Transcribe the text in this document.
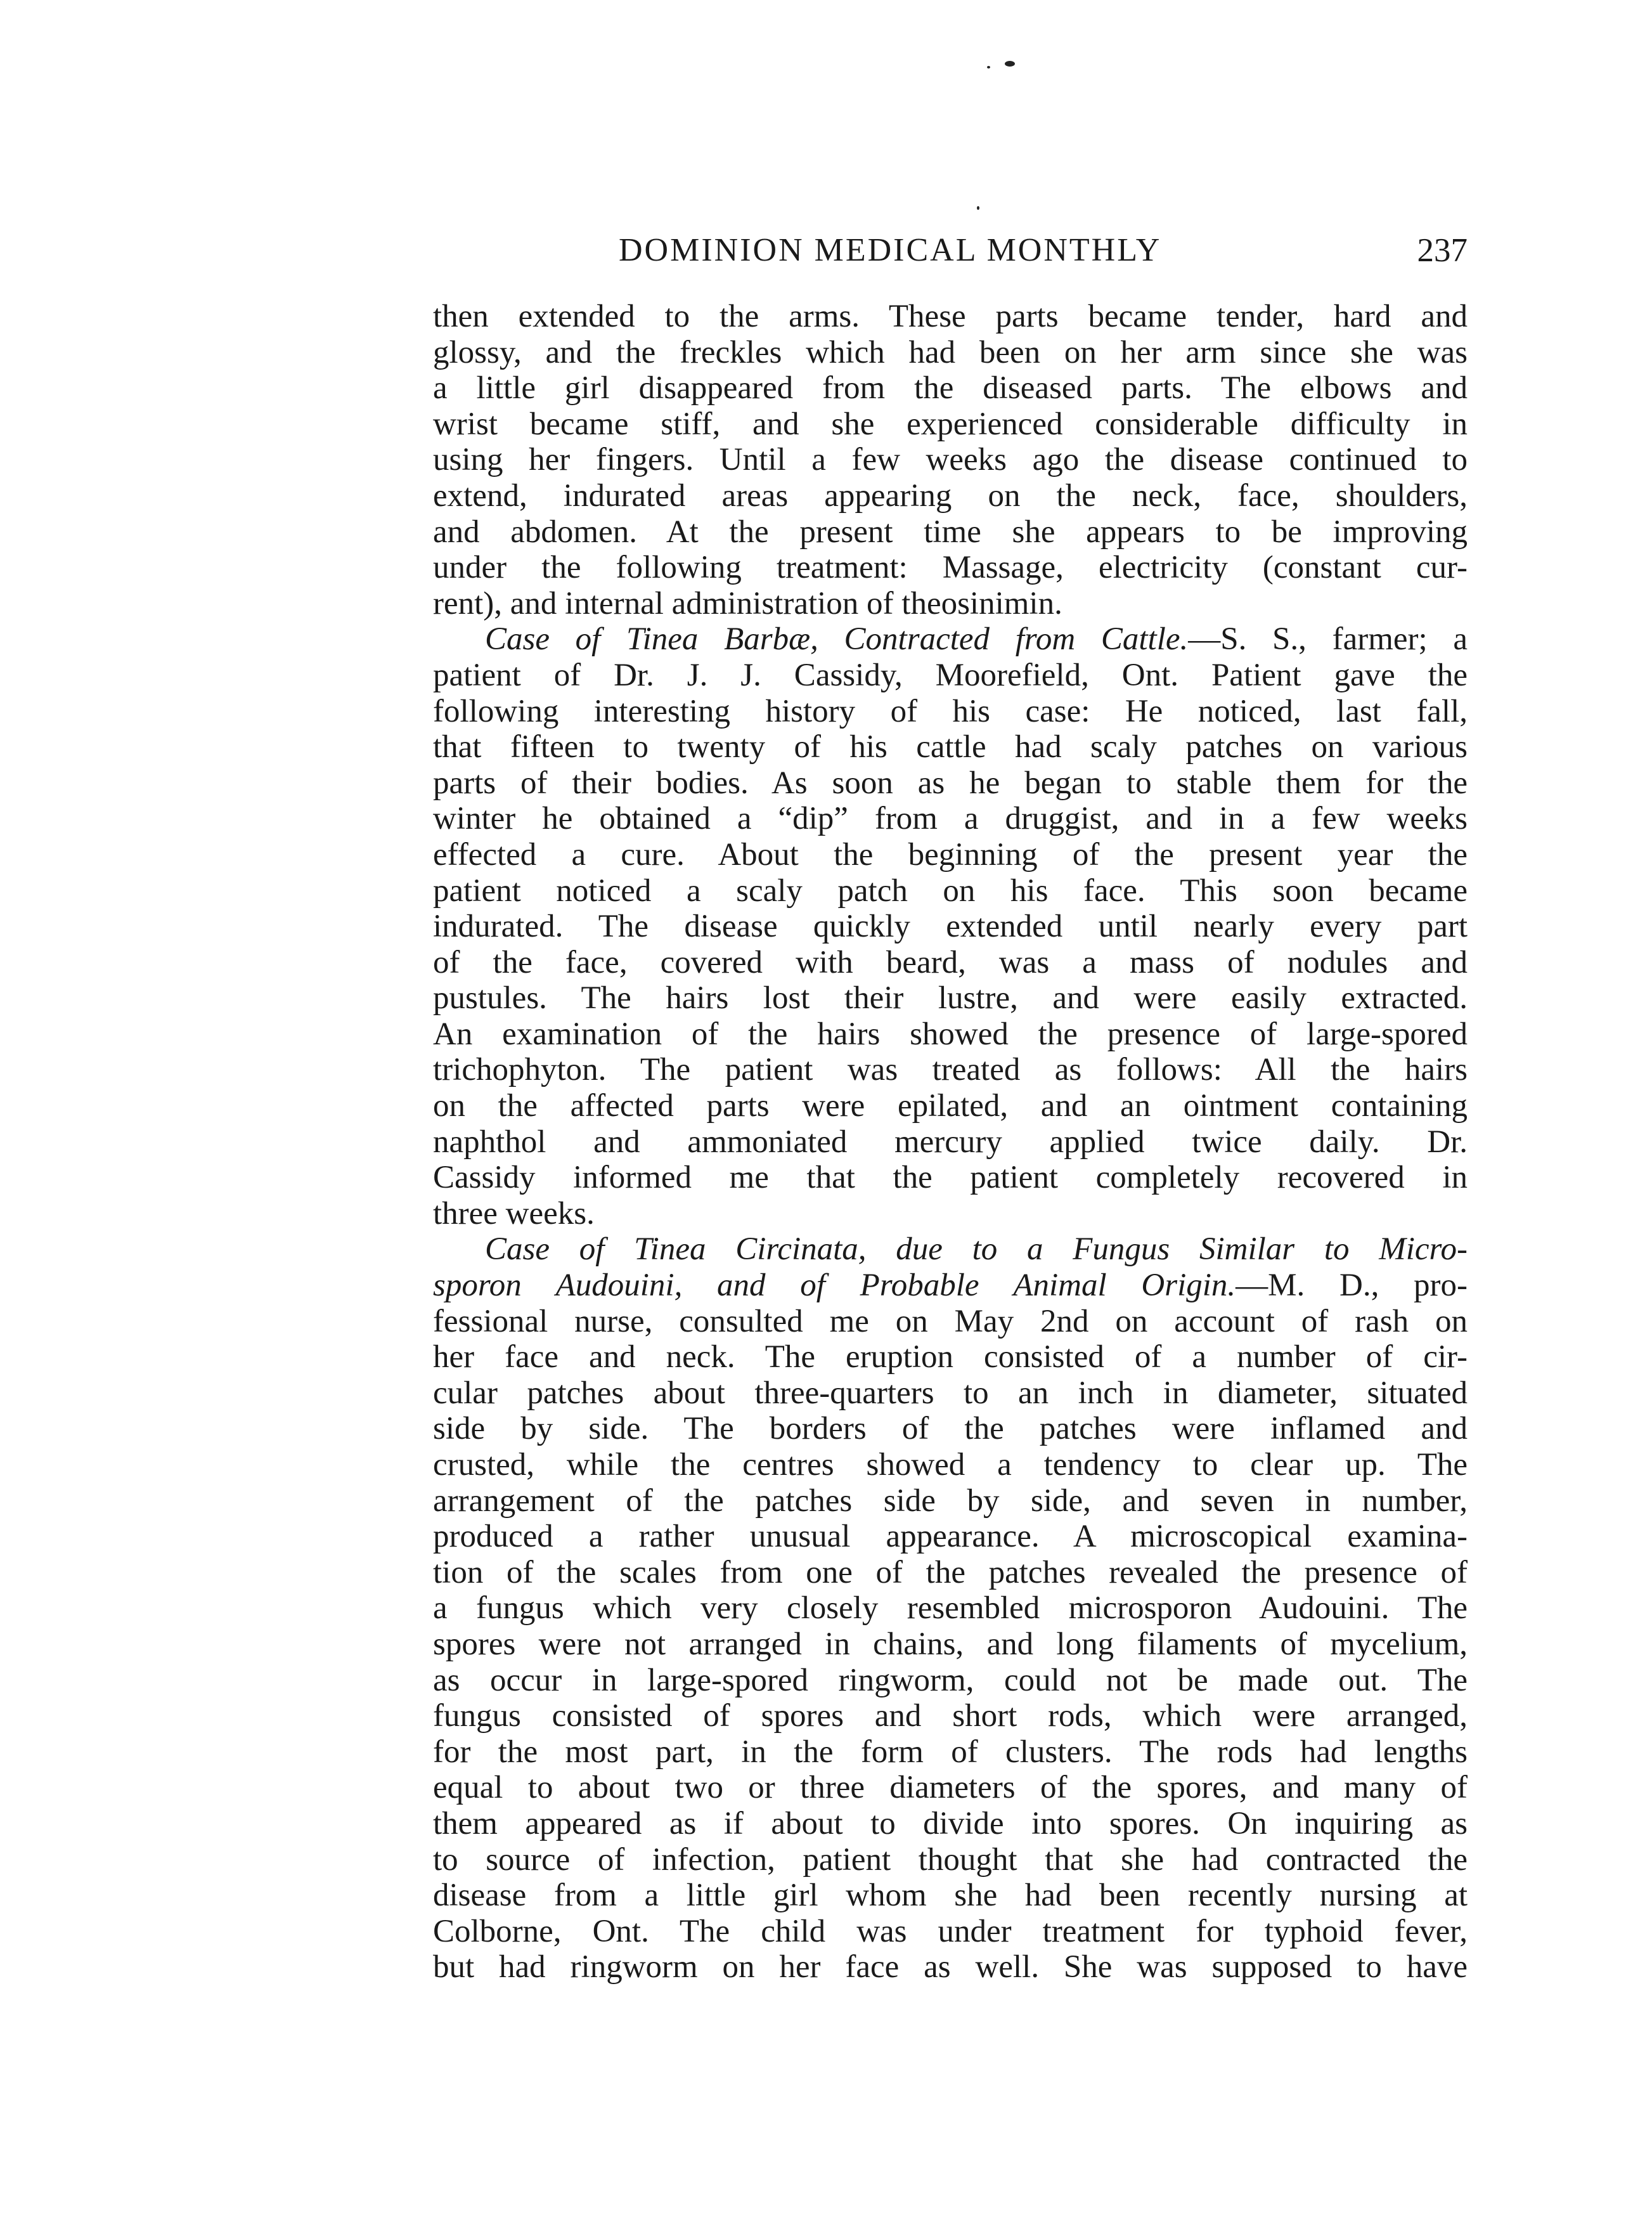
DOMINION MEDICAL MONTHLY	237
then extended to the arms. These parts became tender, hard and
glossy, and the freckles which had been on her arm since she was
a little girl disappeared from the diseased parts. The elbows and
wrist became stiff, and she experienced considerable difficulty in
using her fingers. Until a few weeks ago the disease continued to
extend, indurated areas appearing on the neck, face, shoulders,
and abdomen. At the present time she appears to be improving
under the following treatment: Massage, electricity (constant cur-
rent), and internal administration of theosinimin.
Case of Tinea Barbæ, Contracted from Cattle.—S. S., farmer; a
patient of Dr. J. J. Cassidy, Moorefield, Ont. Patient gave the
following interesting history of his case: He noticed, last fall,
that fifteen to twenty of his cattle had scaly patches on various
parts of their bodies. As soon as he began to stable them for the
winter he obtained a “dip” from a druggist, and in a few weeks
effected a cure. About the beginning of the present year the
patient noticed a scaly patch on his face. This soon became
indurated. The disease quickly extended until nearly every part
of the face, covered with beard, was a mass of nodules and
pustules. The hairs lost their lustre, and were easily extracted.
An examination of the hairs showed the presence of large-spored
trichophyton. The patient was treated as follows: All the hairs
on the affected parts were epilated, and an ointment containing
naphthol and ammoniated mercury applied twice daily. Dr.
Cassidy informed me that the patient completely recovered in
three weeks.
Case of Tinea Circinata, due to a Fungus Similar to Micro-
sporon Audouini, and of Probable Animal Origin.—M. D., pro-
fessional nurse, consulted me on May 2nd on account of rash on
her face and neck. The eruption consisted of a number of cir-
cular patches about three-quarters to an inch in diameter, situated
side by side. The borders of the patches were inflamed and
crusted, while the centres showed a tendency to clear up. The
arrangement of the patches side by side, and seven in number,
produced a rather unusual appearance. A microscopical examina-
tion of the scales from one of the patches revealed the presence of
a fungus which very closely resembled microsporon Audouini. The
spores were not arranged in chains, and long filaments of mycelium,
as occur in large-spored ringworm, could not be made out. The
fungus consisted of spores and short rods, which were arranged,
for the most part, in the form of clusters. The rods had lengths
equal to about two or three diameters of the spores, and many of
them appeared as if about to divide into spores. On inquiring as
to source of infection, patient thought that she had contracted the
disease from a little girl whom she had been recently nursing at
Colborne, Ont. The child was under treatment for typhoid fever,
but had ringworm on her face as well. She was supposed to have
